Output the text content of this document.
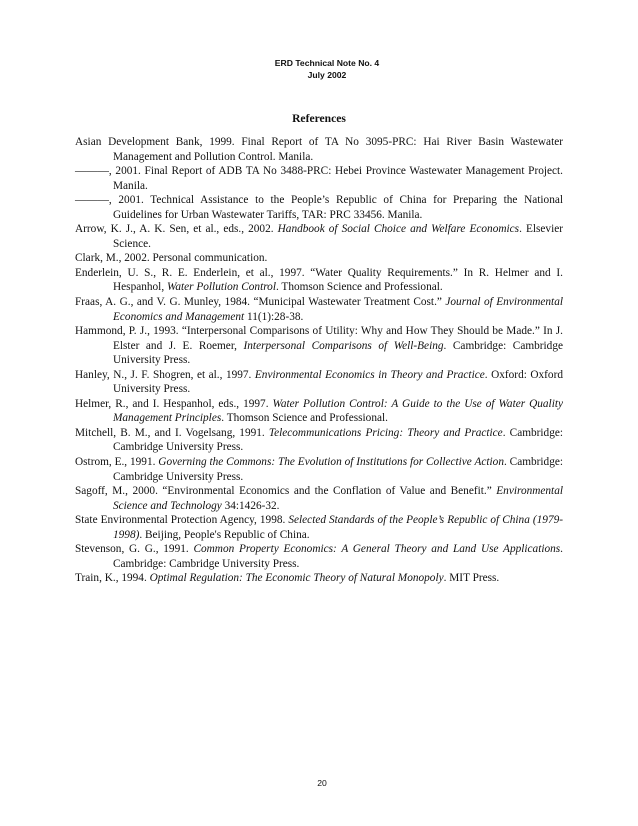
ERD Technical Note No. 4
July 2002
References

Asian Development Bank, 1999. Final Report of TA No 3095-PRC: Hai River Basin Wastewater Management and Pollution Control. Manila.

———, 2001. Final Report of ADB TA No 3488-PRC: Hebei Province Wastewater Management Project. Manila.

———, 2001. Technical Assistance to the People’s Republic of China for Preparing the National Guidelines for Urban Wastewater Tariffs, TAR: PRC 33456. Manila.

Arrow, K. J., A. K. Sen, et al., eds., 2002. Handbook of Social Choice and Welfare Economics. Elsevier Science.

Clark, M., 2002. Personal communication.

Enderlein, U. S., R. E. Enderlein, et al., 1997. “Water Quality Requirements.” In R. Helmer and I. Hespanhol, Water Pollution Control. Thomson Science and Professional.

Fraas, A. G., and V. G. Munley, 1984. “Municipal Wastewater Treatment Cost.” Journal of Environmental Economics and Management 11(1):28-38.

Hammond, P. J., 1993. “Interpersonal Comparisons of Utility: Why and How They Should be Made.” In J. Elster and J. E. Roemer, Interpersonal Comparisons of Well-Being. Cambridge: Cambridge University Press.

Hanley, N., J. F. Shogren, et al., 1997. Environmental Economics in Theory and Practice. Oxford: Oxford University Press.

Helmer, R., and I. Hespanhol, eds., 1997. Water Pollution Control: A Guide to the Use of Water Quality Management Principles. Thomson Science and Professional.

Mitchell, B. M., and I. Vogelsang, 1991. Telecommunications Pricing: Theory and Practice. Cambridge: Cambridge University Press.

Ostrom, E., 1991. Governing the Commons: The Evolution of Institutions for Collective Action. Cambridge: Cambridge University Press.

Sagoff, M., 2000. “Environmental Economics and the Conflation of Value and Benefit.” Environmental Science and Technology 34:1426-32.

State Environmental Protection Agency, 1998. Selected Standards of the People’s Republic of China (1979-1998). Beijing, People's Republic of China.

Stevenson, G. G., 1991. Common Property Economics: A General Theory and Land Use Applications. Cambridge: Cambridge University Press.

Train, K., 1994. Optimal Regulation: The Economic Theory of Natural Monopoly. MIT Press.

20
